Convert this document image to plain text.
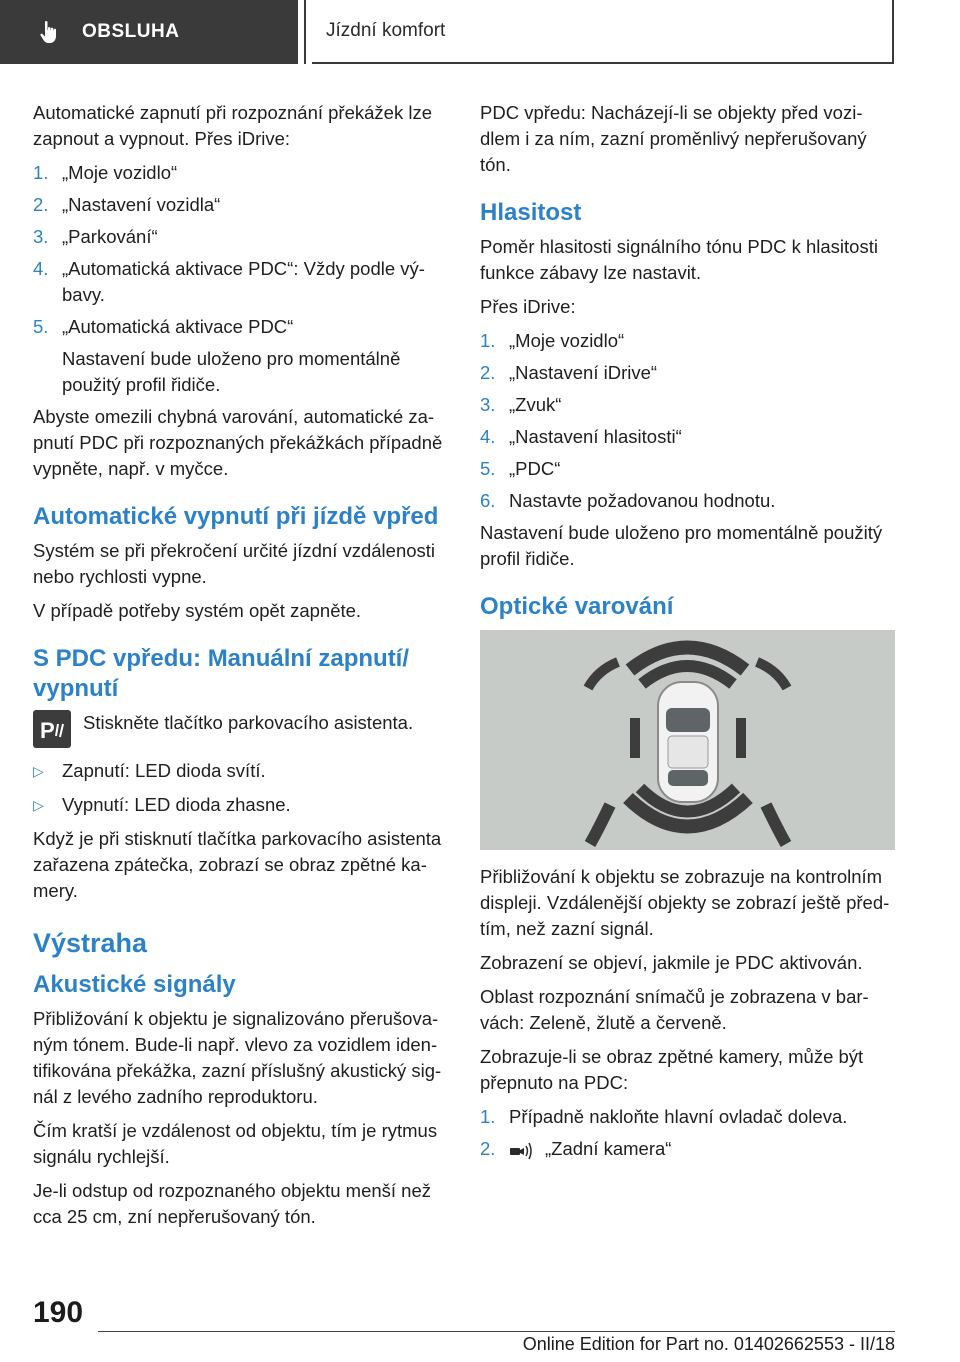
OBSLUHA	Jízdní komfort

Automatické zapnutí při rozpoznání překážek lze zapnout a vypnout. Přes iDrive:

1. „Moje vozidlo“
2. „Nastavení vozidla“
3. „Parkování“
4. „Automatická aktivace PDC“: Vždy podle výbavy.
5. „Automatická aktivace PDC“
Nastavení bude uloženo pro momentálně použitý profil řidiče.

Abyste omezili chybná varování, automatické zapnutí PDC při rozpoznaných překážkách případně vypněte, např. v myčce.

Automatické vypnutí při jízdě vpřed

Systém se při překročení určité jízdní vzdálenosti nebo rychlosti vypne.

V případě potřeby systém opět zapněte.

S PDC vpředu: Manuální zapnutí/ vypnutí
P Stiskněte tlačítko parkovacího asistenta.
▷ Zapnutí: LED dioda svítí.
▷ Vypnutí: LED dioda zhasne.

Když je při stisknutí tlačítka parkovacího asistenta zařazena zpátečka, zobrazí se obraz zpětné kamery.

Výstraha
Akustické signály

Přibližování k objektu je signalizováno přerušovaným tónem. Bude-li např. vlevo za vozidlem identifikována překážka, zazní příslušný akustický signál z levého zadního reproduktoru.

Čím kratší je vzdálenost od objektu, tím je rytmus signálu rychlejší.

Je-li odstup od rozpoznaného objektu menší než cca 25 cm, zní nepřerušovaný tón.

PDC vpředu: Nacházejí-li se objekty před vozidlem i za ním, zazní proměnlivý nepřerušovaný tón.

Hlasitost

Poměr hlasitosti signálního tónu PDC k hlasitosti funkce zábavy lze nastavit.

Přes iDrive:

1. „Moje vozidlo“
2. „Nastavení iDrive“
3. „Zvuk“
4. „Nastavení hlasitosti“
5. „PDC“
6. Nastavte požadovanou hodnotu.

Nastavení bude uloženo pro momentálně použitý profil řidiče.

Optické varování

Přibližování k objektu se zobrazuje na kontrolním displeji. Vzdálenější objekty se zobrazí ještě předtím, než zazní signál.

Zobrazení se objeví, jakmile je PDC aktivován.

Oblast rozpoznání snímačů je zobrazena v barvách: Zeleně, žlutě a červeně.

Zobrazuje-li se obraz zpětné kamery, může být přepnuto na PDC:

1. Případně nakloňte hlavní ovladač doleva.
2.	„Zadní kamera“
190
Online Edition for Part no. 01402662553 - II/18
